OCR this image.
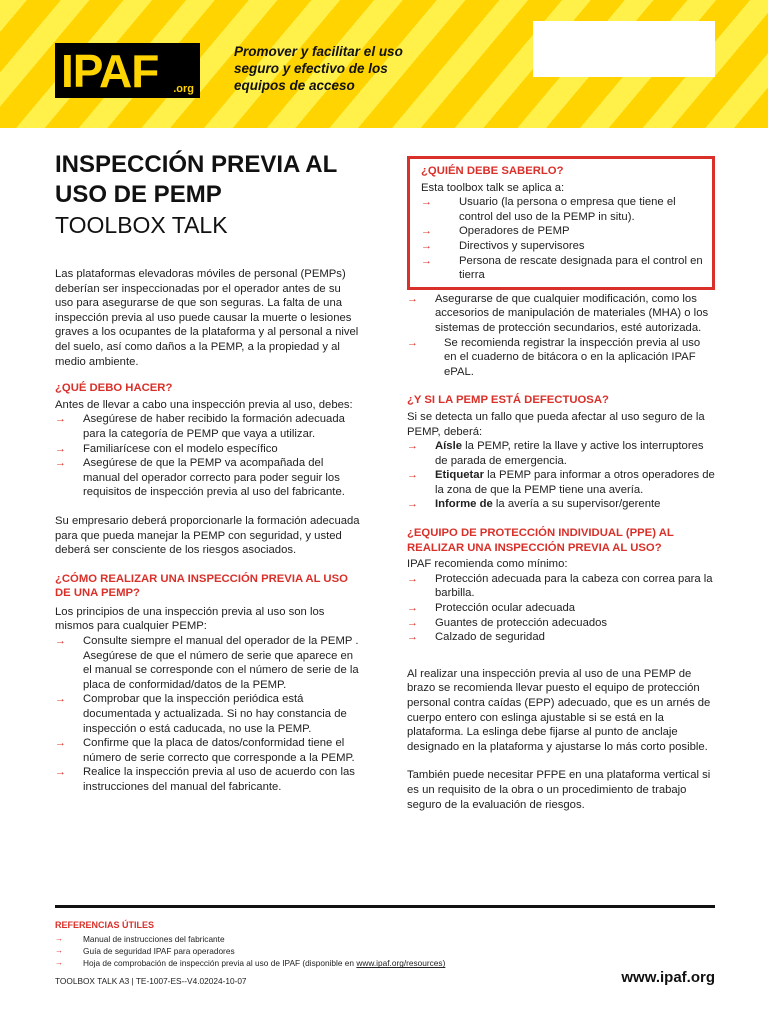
IPAF .org
Promover y facilitar el uso seguro y efectivo de los equipos de acceso
INSPECCIÓN PREVIA AL
USO DE PEMP
TOOLBOX TALK

Las plataformas elevadoras móviles de personal (PEMPs) deberían ser inspeccionadas por el operador antes de su uso para asegurarse de que son seguras. La falta de una inspección previa al uso puede causar la muerte o lesiones graves a los ocupantes de la plataforma y al personal a nivel del suelo, así como daños a la PEMP, a la propiedad y al medio ambiente.

¿QUÉ DEBO HACER?

Antes de llevar a cabo una inspección previa al uso, debes:

→ Asegúrese de haber recibido la formación adecuada para la categoría de PEMP que vaya a utilizar.
→ Familiarícese con el modelo específico
→ Asegúrese de que la PEMP va acompañada del manual del operador correcto para poder seguir los requisitos de inspección previa al uso del fabricante.

Su empresario deberá proporcionarle la formación adecuada para que pueda manejar la PEMP con seguridad, y usted deberá ser consciente de los riesgos asociados.

¿CÓMO REALIZAR UNA INSPECCIÓN PREVIA AL USO DE UNA PEMP?

Los principios de una inspección previa al uso son los mismos para cualquier PEMP:

→ Consulte siempre el manual del operador de la PEMP . Asegúrese de que el número de serie que aparece en el manual se corresponde con el número de serie de la placa de conformidad/datos de la PEMP.
→ Comprobar que la inspección periódica está documentada y actualizada. Si no hay constancia de inspección o está caducada, no use la PEMP.
→ Confirme que la placa de datos/conformidad tiene el número de serie correcto que corresponde a la PEMP.
→ Realice la inspección previa al uso de acuerdo con las instrucciones del manual del fabricante.
¿QUIÉN DEBE SABERLO?

Esta toolbox talk se aplica a:

→ Usuario (la persona o empresa que tiene el control del uso de la PEMP in situ).
→ Operadores de PEMP
→ Directivos y supervisores
→ Persona de rescate designada para el control en tierra
→ Asegurarse de que cualquier modificación, como los accesorios de manipulación de materiales (MHA) o los sistemas de protección secundarios, esté autorizada.
→ Se recomienda registrar la inspección previa al uso en el cuaderno de bitácora o en la aplicación IPAF ePAL.
¿Y SI LA PEMP ESTÁ DEFECTUOSA?

Si se detecta un fallo que pueda afectar al uso seguro de la PEMP, deberá:

→ Aísle la PEMP, retire la llave y active los interruptores de parada de emergencia.
→ Etiquetar la PEMP para informar a otros operadores de la zona de que la PEMP tiene una avería.
→ Informe de la avería a su supervisor/gerente
¿EQUIPO DE PROTECCIÓN INDIVIDUAL (PPE) AL REALIZAR UNA INSPECCIÓN PREVIA AL USO?

IPAF recomienda como mínimo:

→ Protección adecuada para la cabeza con correa para la barbilla.
→ Protección ocular adecuada
→ Guantes de protección adecuados
→ Calzado de seguridad

Al realizar una inspección previa al uso de una PEMP de brazo se recomienda llevar puesto el equipo de protección personal contra caídas (EPP) adecuado, que es un arnés de cuerpo entero con eslinga ajustable si se está en la plataforma. La eslinga debe fijarse al punto de anclaje designado en la plataforma y ajustarse lo más corto posible.

También puede necesitar PFPE en una plataforma vertical si es un requisito de la obra o un procedimiento de trabajo seguro de la evaluación de riesgos.

REFERENCIAS ÚTILES
→ Manual de instrucciones del fabricante
→ Guía de seguridad IPAF para operadores
→ Hoja de comprobación de inspección previa al uso de IPAF (disponible en www.ipaf.org/resources)
TOOLBOX TALK A3 | TE-1007-ES--V4.02024-10-07	www.ipaf.org
